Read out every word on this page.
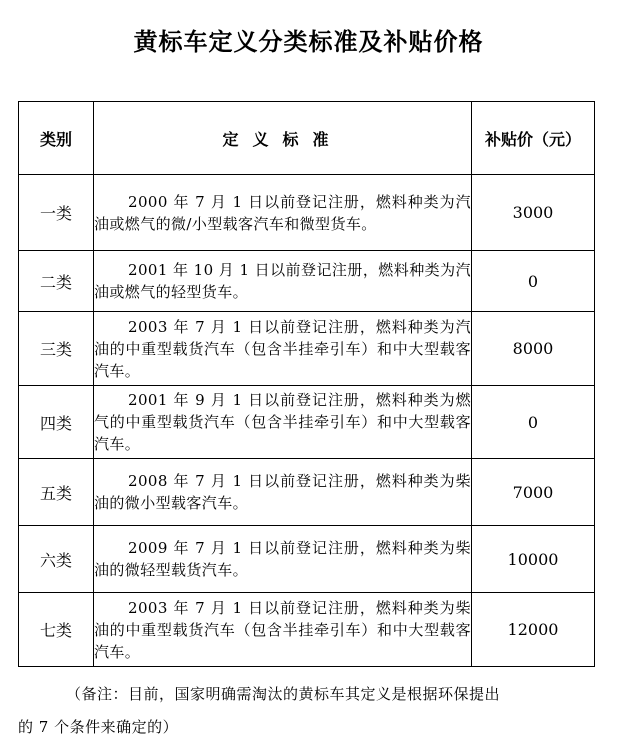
黄标车定义分类标准及补贴价格
类别	定义标准	补贴价（元）
一类	2000 年 7 月 1 日以前登记注册，燃料种类为汽油或燃气的微/小型载客汽车和微型货车。	3000
二类	2001 年 10 月 1 日以前登记注册，燃料种类为汽油或燃气的轻型货车。	0
三类	2003 年 7 月 1 日以前登记注册，燃料种类为汽油的中重型载货汽车（包含半挂牵引车）和中大型载客汽车。	8000
四类	2001 年 9 月 1 日以前登记注册，燃料种类为燃气的中重型载货汽车（包含半挂牵引车）和中大型载客汽车。	0
五类	2008 年 7 月 1 日以前登记注册，燃料种类为柴油的微小型载客汽车。	7000
六类	2009 年 7 月 1 日以前登记注册，燃料种类为柴油的微轻型载货汽车。	10000
七类	2003 年 7 月 1 日以前登记注册，燃料种类为柴油的中重型载货汽车（包含半挂牵引车）和中大型载客汽车。	12000
（备注：目前，国家明确需淘汰的黄标车其定义是根据环保提出
的 7 个条件来确定的）
